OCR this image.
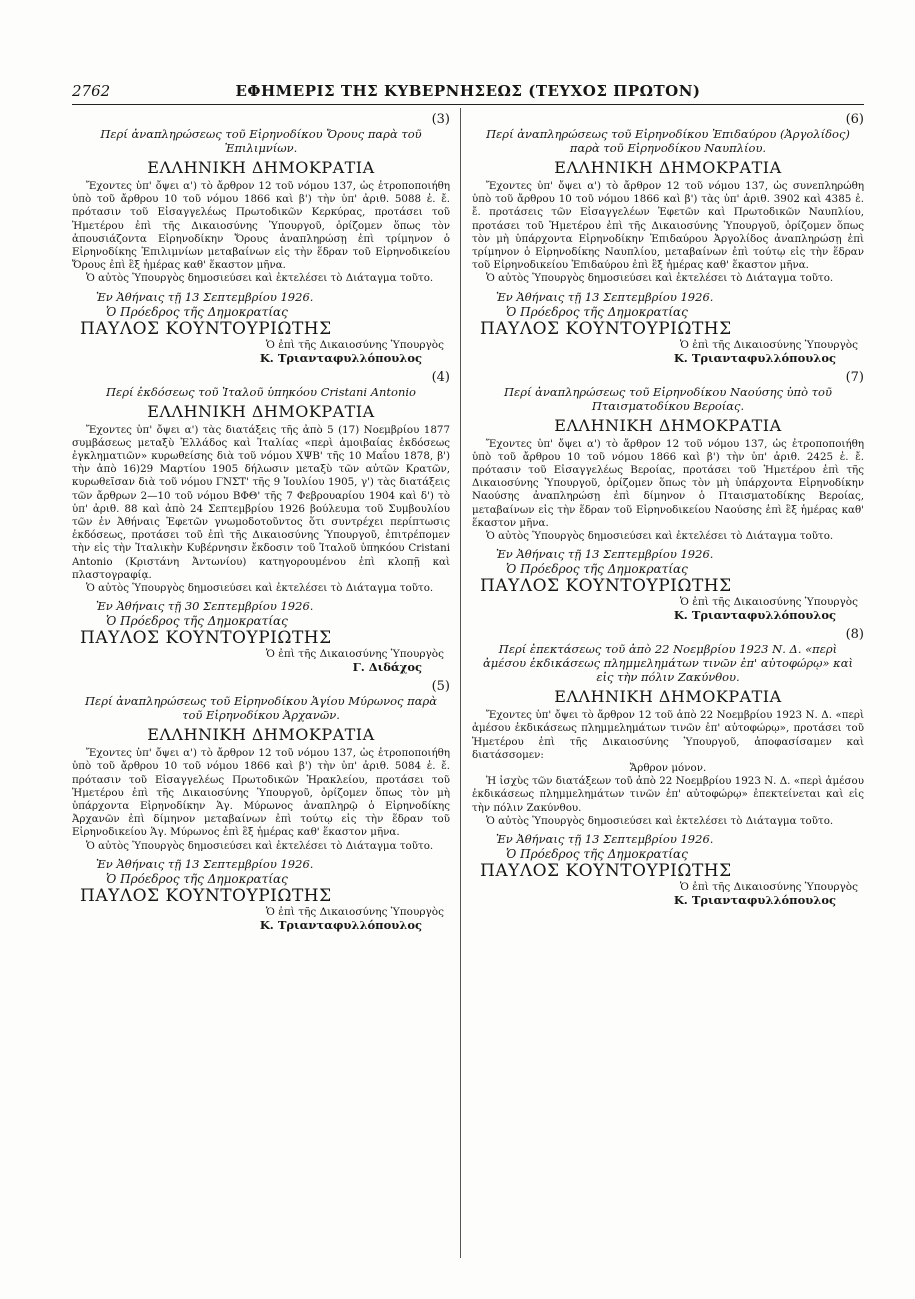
2762	ΕΦΗΜΕΡΙΣ ΤΗΣ ΚΥΒΕΡΝΗΣΕΩΣ (ΤΕΥΧΟΣ ΠΡΩΤΟΝ)
(3)
Περί ἀναπληρώσεως τοῦ Εἰρηνοδίκου Ὄρους παρὰ τοῦ Ἐπιλιμνίων.
ΕΛΛΗΝΙΚΗ ΔΗΜΟΚΡΑΤΙΑ

Ἔχοντες ὑπ' ὄψει α') τὸ ἄρθρον 12 τοῦ νόμου 137, ὡς ἐτροποποιήθη ὑπὸ τοῦ ἄρθρου 10 τοῦ νόμου 1866 καὶ β') τὴν ὑπ' ἀριθ. 5088 ἐ. ἔ. πρότασιν τοῦ Εἰσαγγελέως Πρωτοδικῶν Κερκύρας, προτάσει τοῦ Ἡμετέρου ἐπὶ τῆς Δικαιοσύνης Ὑπουργοῦ, ὁρίζομεν ὅπως τὸν ἀπουσιάζοντα Εἰρηνοδίκην Ὄρους ἀναπληρώσῃ ἐπὶ τρίμηνον ὁ Εἰρηνοδίκης Ἐπιλιμνίων μεταβαίνων εἰς τὴν ἕδραν τοῦ Εἰρηνοδικείου Ὄρους ἐπὶ ἓξ ἡμέρας καθ' ἕκαστον μῆνα.

Ὁ αὐτὸς Ὑπουργὸς δημοσιεύσει καὶ ἐκτελέσει τὸ Διάταγμα τοῦτο.

Ἐν Ἀθήναις τῇ 13 Σεπτεμβρίου 1926.
Ὁ Πρόεδρος τῆς Δημοκρατίας
ΠΑΥΛΟΣ ΚΟΥΝΤΟΥΡΙΩΤΗΣ
Ὁ ἐπὶ τῆς Δικαιοσύνης Ὑπουργὸς
Κ. Τριανταφυλλόπουλος
(4)
Περί ἐκδόσεως τοῦ Ἰταλοῦ ὑπηκόου Cristani Antonio
ΕΛΛΗΝΙΚΗ ΔΗΜΟΚΡΑΤΙΑ

Ἔχοντες ὑπ' ὄψει α') τὰς διατάξεις τῆς ἀπὸ 5 (17) Νοεμβρίου 1877 συμβάσεως μεταξὺ Ἑλλάδος καὶ Ἰταλίας «περὶ ἀμοιβαίας ἐκδόσεως ἐγκληματιῶν» κυρωθείσης διὰ τοῦ νόμου ΧΨΒ' τῆς 10 Μαΐου 1878, β') τὴν ἀπὸ 16)29 Μαρτίου 1905 δήλωσιν μεταξὺ τῶν αὐτῶν Κρατῶν, κυρωθεῖσαν διὰ τοῦ νόμου ΓΝΣΤ' τῆς 9 Ἰουλίου 1905, γ') τὰς διατάξεις τῶν ἄρθρων 2—10 τοῦ νόμου ΒΦΘ' τῆς 7 Φεβρουαρίου 1904 καὶ δ') τὸ ὑπ' ἀριθ. 88 καὶ ἀπὸ 24 Σεπτεμβρίου 1926 βούλευμα τοῦ Συμβουλίου τῶν ἐν Ἀθήναις Ἐφετῶν γνωμοδοτοῦντος ὅτι συντρέχει περίπτωσις ἐκδόσεως, προτάσει τοῦ ἐπὶ τῆς Δικαιοσύνης Ὑπουργοῦ, ἐπιτρέπομεν τὴν εἰς τὴν Ἰταλικὴν Κυβέρνησιν ἔκδοσιν τοῦ Ἰταλοῦ ὑπηκόου Cristani Antonio (Κριστάνη Ἀντωνίου) κατηγορουμένου ἐπὶ κλοπῇ καὶ πλαστογραφίᾳ.

Ὁ αὐτὸς Ὑπουργὸς δημοσιεύσει καὶ ἐκτελέσει τὸ Διάταγμα τοῦτο.

Ἐν Ἀθήναις τῇ 30 Σεπτεμβρίου 1926.
Ὁ Πρόεδρος τῆς Δημοκρατίας
ΠΑΥΛΟΣ ΚΟΥΝΤΟΥΡΙΩΤΗΣ
Ὁ ἐπὶ τῆς Δικαιοσύνης Ὑπουργὸς
Γ. Διδάχος
(5)
Περί ἀναπληρώσεως τοῦ Εἰρηνοδίκου Ἁγίου Μύρωνος παρὰ τοῦ Εἰρηνοδίκου Ἀρχανῶν.
ΕΛΛΗΝΙΚΗ ΔΗΜΟΚΡΑΤΙΑ

Ἔχοντες ὑπ' ὄψει α') τὸ ἄρθρον 12 τοῦ νόμου 137, ὡς ἐτροποποιήθη ὑπὸ τοῦ ἄρθρου 10 τοῦ νόμου 1866 καὶ β') τὴν ὑπ' ἀριθ. 5084 ἐ. ἔ. πρότασιν τοῦ Εἰσαγγελέως Πρωτοδικῶν Ἡρακλείου, προτάσει τοῦ Ἡμετέρου ἐπὶ τῆς Δικαιοσύνης Ὑπουργοῦ, ὁρίζομεν ὅπως τὸν μὴ ὑπάρχοντα Εἰρηνοδίκην Ἁγ. Μύρωνος ἀναπληρῷ ὁ Εἰρηνοδίκης Ἀρχανῶν ἐπὶ δίμηνον μεταβαίνων ἐπὶ τούτῳ εἰς τὴν ἕδραν τοῦ Εἰρηνοδικείου Ἁγ. Μύρωνος ἐπὶ ἓξ ἡμέρας καθ' ἕκαστον μῆνα.

Ὁ αὐτὸς Ὑπουργὸς δημοσιεύσει καὶ ἐκτελέσει τὸ Διάταγμα τοῦτο.

Ἐν Ἀθήναις τῇ 13 Σεπτεμβρίου 1926.
Ὁ Πρόεδρος τῆς Δημοκρατίας
ΠΑΥΛΟΣ ΚΟΥΝΤΟΥΡΙΩΤΗΣ
Ὁ ἐπὶ τῆς Δικαιοσύνης Ὑπουργὸς
Κ. Τριανταφυλλόπουλος
(6)
Περί ἀναπληρώσεως τοῦ Εἰρηνοδίκου Ἐπιδαύρου (Ἀργολίδος) παρὰ τοῦ Εἰρηνοδίκου Ναυπλίου.
ΕΛΛΗΝΙΚΗ ΔΗΜΟΚΡΑΤΙΑ

Ἔχοντες ὑπ' ὄψει α') τὸ ἄρθρον 12 τοῦ νόμου 137, ὡς συνεπληρώθη ὑπὸ τοῦ ἄρθρου 10 τοῦ νόμου 1866 καὶ β') τὰς ὑπ' ἀριθ. 3902 καὶ 4385 ἐ. ἔ. προτάσεις τῶν Εἰσαγγελέων Ἐφετῶν καὶ Πρωτοδικῶν Ναυπλίου, προτάσει τοῦ Ἡμετέρου ἐπὶ τῆς Δικαιοσύνης Ὑπουργοῦ, ὁρίζομεν ὅπως τὸν μὴ ὑπάρχοντα Εἰρηνοδίκην Ἐπιδαύρου Ἀργολίδος ἀναπληρώσῃ ἐπὶ τρίμηνον ὁ Εἰρηνοδίκης Ναυπλίου, μεταβαίνων ἐπὶ τούτῳ εἰς τὴν ἕδραν τοῦ Εἰρηνοδικείου Ἐπιδαύρου ἐπὶ ἓξ ἡμέρας καθ' ἕκαστον μῆνα.

Ὁ αὐτὸς Ὑπουργὸς δημοσιεύσει καὶ ἐκτελέσει τὸ Διάταγμα τοῦτο.

Ἐν Ἀθήναις τῇ 13 Σεπτεμβρίου 1926.
Ὁ Πρόεδρος τῆς Δημοκρατίας
ΠΑΥΛΟΣ ΚΟΥΝΤΟΥΡΙΩΤΗΣ
Ὁ ἐπὶ τῆς Δικαιοσύνης Ὑπουργὸς
Κ. Τριανταφυλλόπουλος
(7)
Περί ἀναπληρώσεως τοῦ Εἰρηνοδίκου Ναούσης ὑπὸ τοῦ Πταισματοδίκου Βεροίας.
ΕΛΛΗΝΙΚΗ ΔΗΜΟΚΡΑΤΙΑ

Ἔχοντες ὑπ' ὄψει α') τὸ ἄρθρον 12 τοῦ νόμου 137, ὡς ἐτροποποιήθη ὑπὸ τοῦ ἄρθρου 10 τοῦ νόμου 1866 καὶ β') τὴν ὑπ' ἀριθ. 2425 ἐ. ἔ. πρότασιν τοῦ Εἰσαγγελέως Βεροίας, προτάσει τοῦ Ἡμετέρου ἐπὶ τῆς Δικαιοσύνης Ὑπουργοῦ, ὁρίζομεν ὅπως τὸν μὴ ὑπάρχοντα Εἰρηνοδίκην Ναούσης ἀναπληρώσῃ ἐπὶ δίμηνον ὁ Πταισματοδίκης Βεροίας, μεταβαίνων εἰς τὴν ἕδραν τοῦ Εἰρηνοδικείου Ναούσης ἐπὶ ἓξ ἡμέρας καθ' ἕκαστον μῆνα.

Ὁ αὐτὸς Ὑπουργὸς δημοσιεύσει καὶ ἐκτελέσει τὸ Διάταγμα τοῦτο.

Ἐν Ἀθήναις τῇ 13 Σεπτεμβρίου 1926.
Ὁ Πρόεδρος τῆς Δημοκρατίας
ΠΑΥΛΟΣ ΚΟΥΝΤΟΥΡΙΩΤΗΣ
Ὁ ἐπὶ τῆς Δικαιοσύνης Ὑπουργὸς
Κ. Τριανταφυλλόπουλος
(8)
Περί ἐπεκτάσεως τοῦ ἀπὸ 22 Νοεμβρίου 1923 Ν. Δ. «περὶ ἀμέσου ἐκδικάσεως πλημμελημάτων τινῶν ἐπ' αὐτοφώρῳ» καὶ εἰς τὴν πόλιν Ζακύνθου.
ΕΛΛΗΝΙΚΗ ΔΗΜΟΚΡΑΤΙΑ

Ἔχοντες ὑπ' ὄψει τὸ ἄρθρον 12 τοῦ ἀπὸ 22 Νοεμβρίου 1923 Ν. Δ. «περὶ ἀμέσου ἐκδικάσεως πλημμελημάτων τινῶν ἐπ' αὐτοφώρῳ», προτάσει τοῦ Ἡμετέρου ἐπὶ τῆς Δικαιοσύνης Ὑπουργοῦ, ἀποφασίσαμεν καὶ διατάσσομεν:

Ἄρθρον μόνον.

Ἡ ἰσχὺς τῶν διατάξεων τοῦ ἀπὸ 22 Νοεμβρίου 1923 Ν. Δ. «περὶ ἀμέσου ἐκδικάσεως πλημμελημάτων τινῶν ἐπ' αὐτοφώρῳ» ἐπεκτείνεται καὶ εἰς τὴν πόλιν Ζακύνθου.

Ὁ αὐτὸς Ὑπουργὸς δημοσιεύσει καὶ ἐκτελέσει τὸ Διάταγμα τοῦτο.

Ἐν Ἀθήναις τῇ 13 Σεπτεμβρίου 1926.
Ὁ Πρόεδρος τῆς Δημοκρατίας
ΠΑΥΛΟΣ ΚΟΥΝΤΟΥΡΙΩΤΗΣ
Ὁ ἐπὶ τῆς Δικαιοσύνης Ὑπουργὸς
Κ. Τριανταφυλλόπουλος
